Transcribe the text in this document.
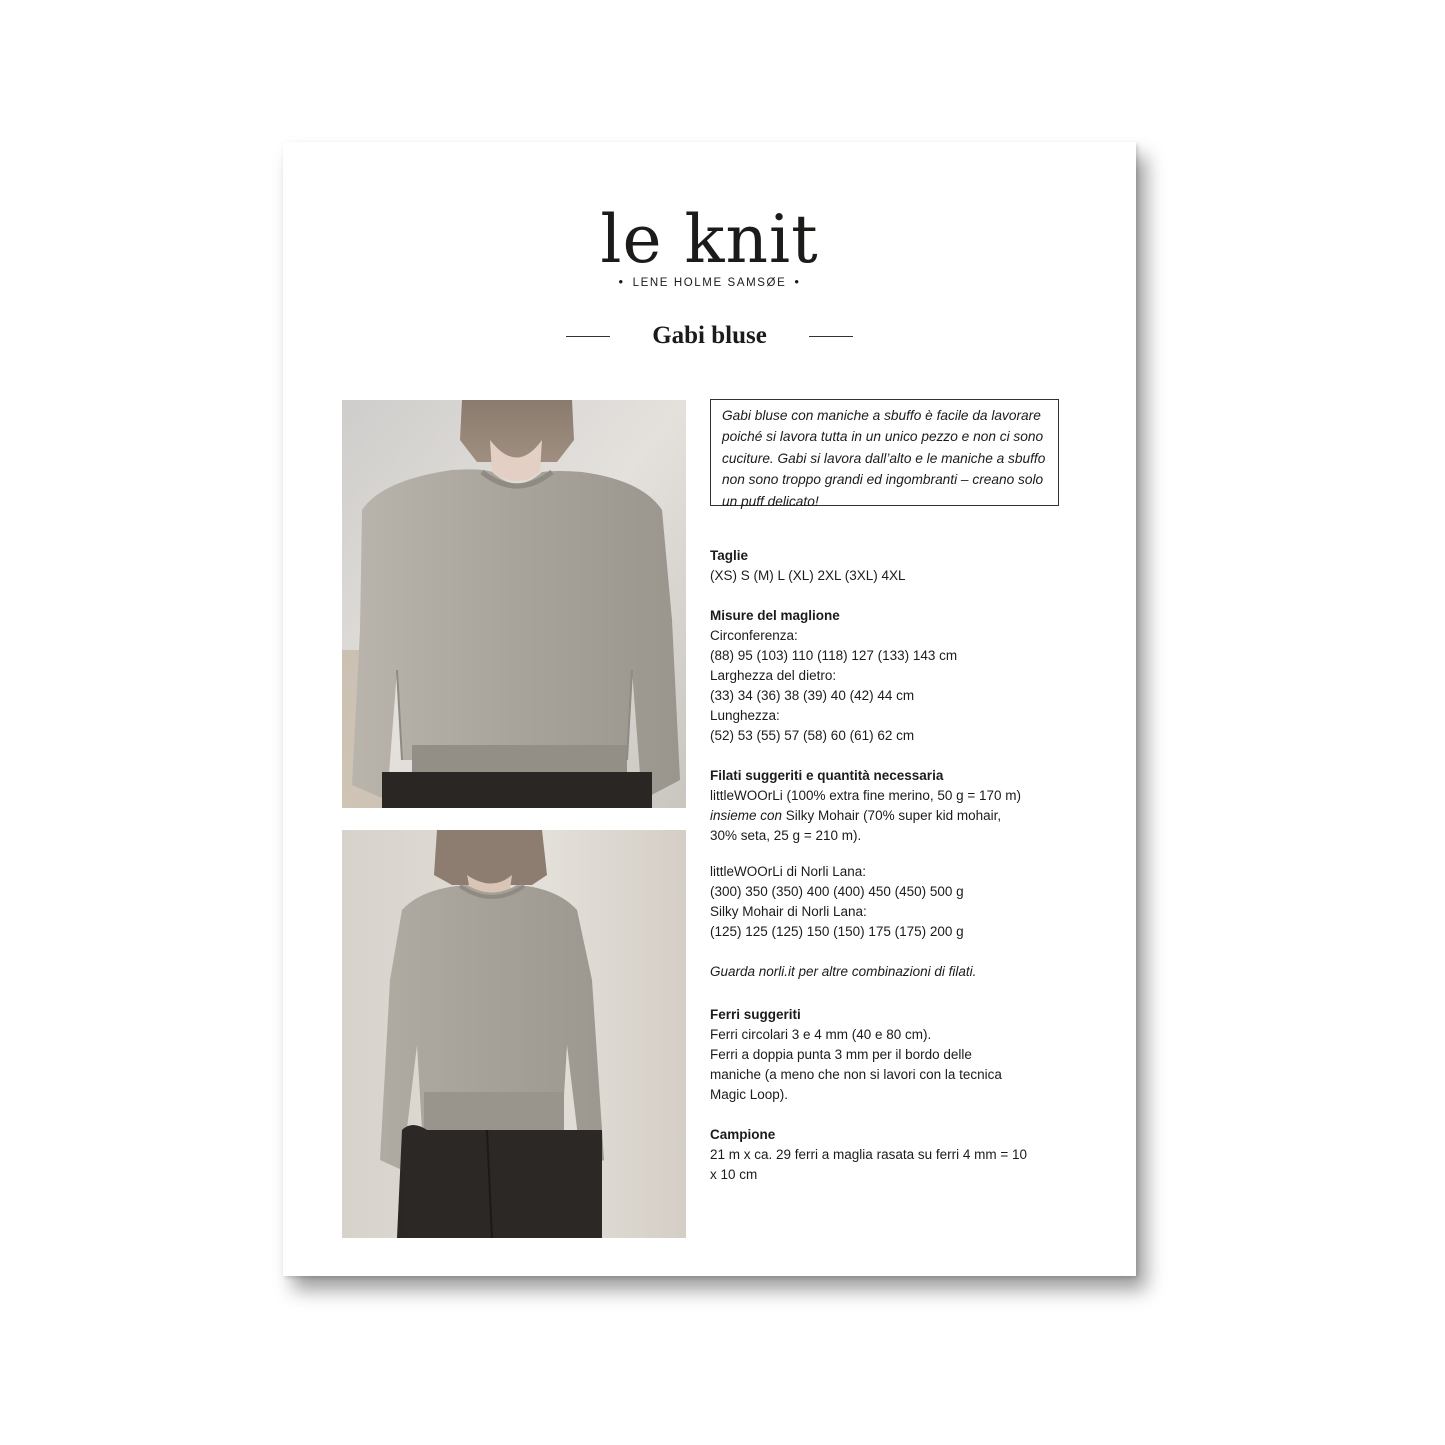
le knit
• LENE HOLME SAMSØE •
Gabi bluse
Gabi bluse con maniche a sbuffo è facile da lavorare poiché si lavora tutta in un unico pezzo e non ci sono cuciture. Gabi si lavora dall’alto e le maniche a sbuffo non sono troppo grandi ed ingombranti – creano solo un puff delicato!
Taglie
(XS) S (M) L (XL) 2XL (3XL) 4XL
Misure del maglione
Circonferenza:
(88) 95 (103) 110 (118) 127 (133) 143 cm
Larghezza del dietro:
(33) 34 (36) 38 (39) 40 (42) 44 cm
Lunghezza:
(52) 53 (55) 57 (58) 60 (61) 62 cm
Filati suggeriti e quantità necessaria
littleWOOrLi (100% extra fine merino, 50 g = 170 m)
insieme con Silky Mohair (70% super kid mohair,
30% seta, 25 g = 210 m).
littleWOOrLi di Norli Lana:
(300) 350 (350) 400 (400) 450 (450) 500 g
Silky Mohair di Norli Lana:
(125) 125 (125) 150 (150) 175 (175) 200 g
Guarda norli.it per altre combinazioni di filati.
Ferri suggeriti
Ferri circolari 3 e 4 mm (40 e 80 cm).
Ferri a doppia punta 3 mm per il bordo delle
maniche (a meno che non si lavori con la tecnica
Magic Loop).
Campione
21 m x ca. 29 ferri a maglia rasata su ferri 4 mm = 10
x 10 cm
